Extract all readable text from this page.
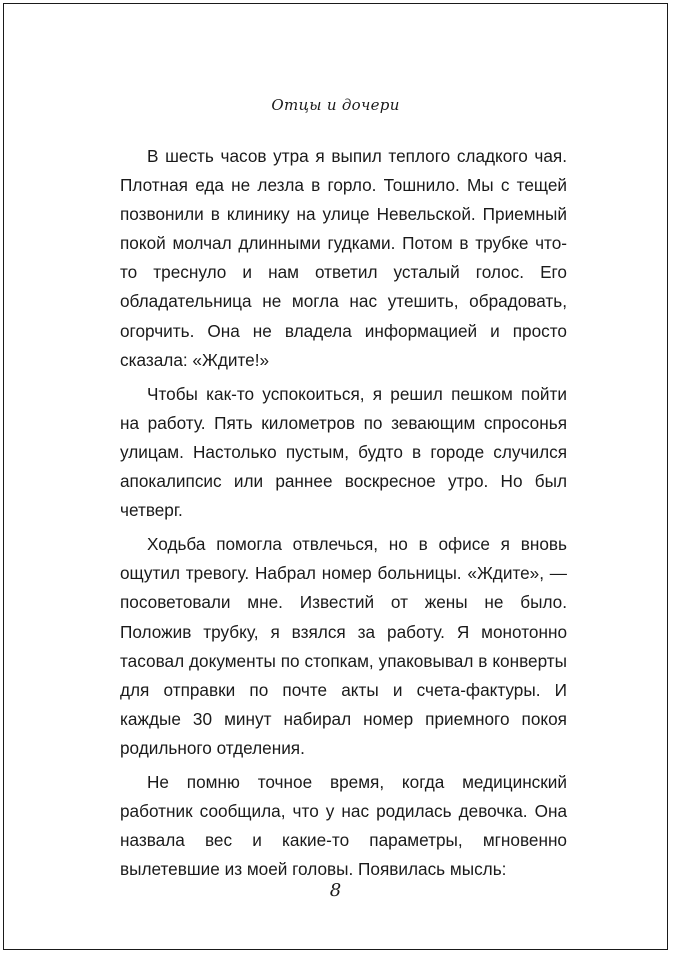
Отцы и дочери

В шесть часов утра я выпил теплого сладкого чая. Плотная еда не лезла в горло. Тошнило. Мы с тещей позвонили в клинику на улице Невельской. Приемный покой молчал длинными гудками. Потом в трубке что-то треснуло и нам ответил усталый голос. Его обладательница не могла нас утешить, обрадовать, огорчить. Она не владела информацией и просто сказала: «Ждите!»

Чтобы как-то успокоиться, я решил пешком пойти на работу. Пять километров по зевающим спросонья улицам. Настолько пустым, будто в городе случился апокалипсис или раннее воскресное утро. Но был четверг.

Ходьба помогла отвлечься, но в офисе я вновь ощутил тревогу. Набрал номер больницы. «Ждите», — посоветовали мне. Известий от жены не было. Положив трубку, я взялся за работу. Я монотонно тасовал документы по стопкам, упаковывал в конверты для отправки по почте акты и счета-фактуры. И каждые 30 минут набирал номер приемного покоя родильного отделения.

Не помню точное время, когда медицинский работник сообщила, что у нас родилась девочка. Она назвала вес и какие-то параметры, мгновенно вылетевшие из моей головы. Появилась мысль:

8
